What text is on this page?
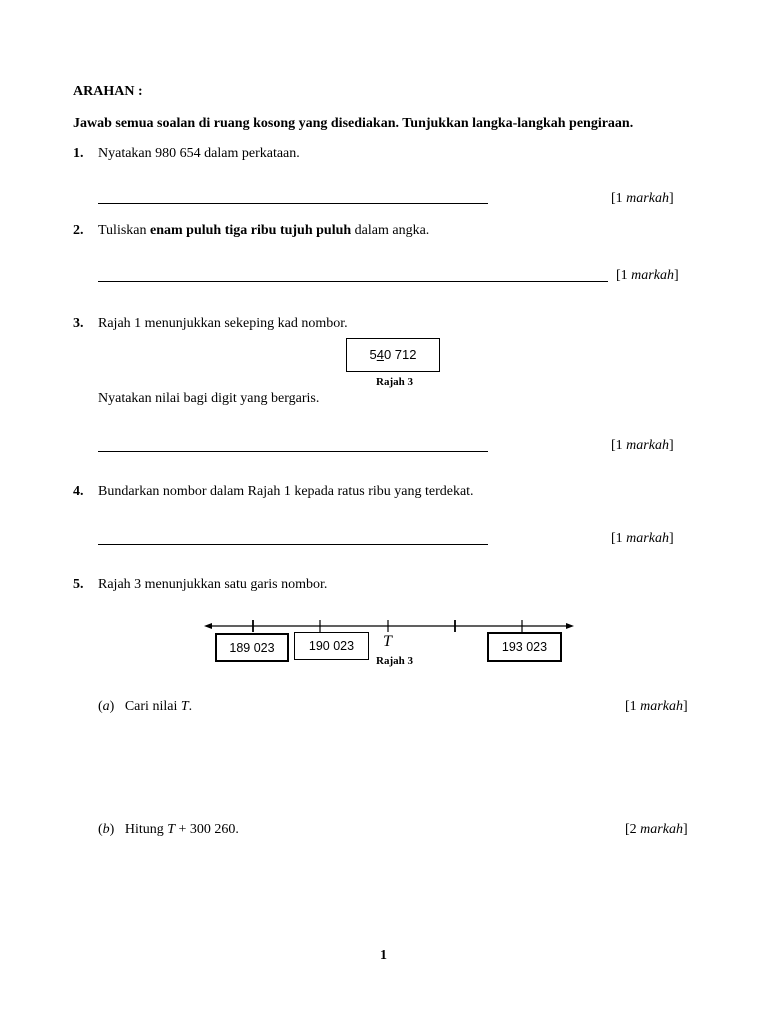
ARAHAN :
Jawab semua soalan di ruang kosong yang disediakan. Tunjukkan langka-langkah pengiraan.
1. Nyatakan 980 654 dalam perkataan.
[1 markah]
2. Tuliskan enam puluh tiga ribu tujuh puluh dalam angka.
[1 markah]
3. Rajah 1 menunjukkan sekeping kad nombor.
540 712
Rajah 3
Nyatakan nilai bagi digit yang bergaris.
[1 markah]
4. Bundarkan nombor dalam Rajah 1 kepada ratus ribu yang terdekat.
[1 markah]
5. Rajah 3 menunjukkan satu garis nombor.
T
189 023	190 023	193 023
Rajah 3
(a)   Cari nilai T.	[1 markah]
(b)   Hitung T + 300 260.	[2 markah]
1
